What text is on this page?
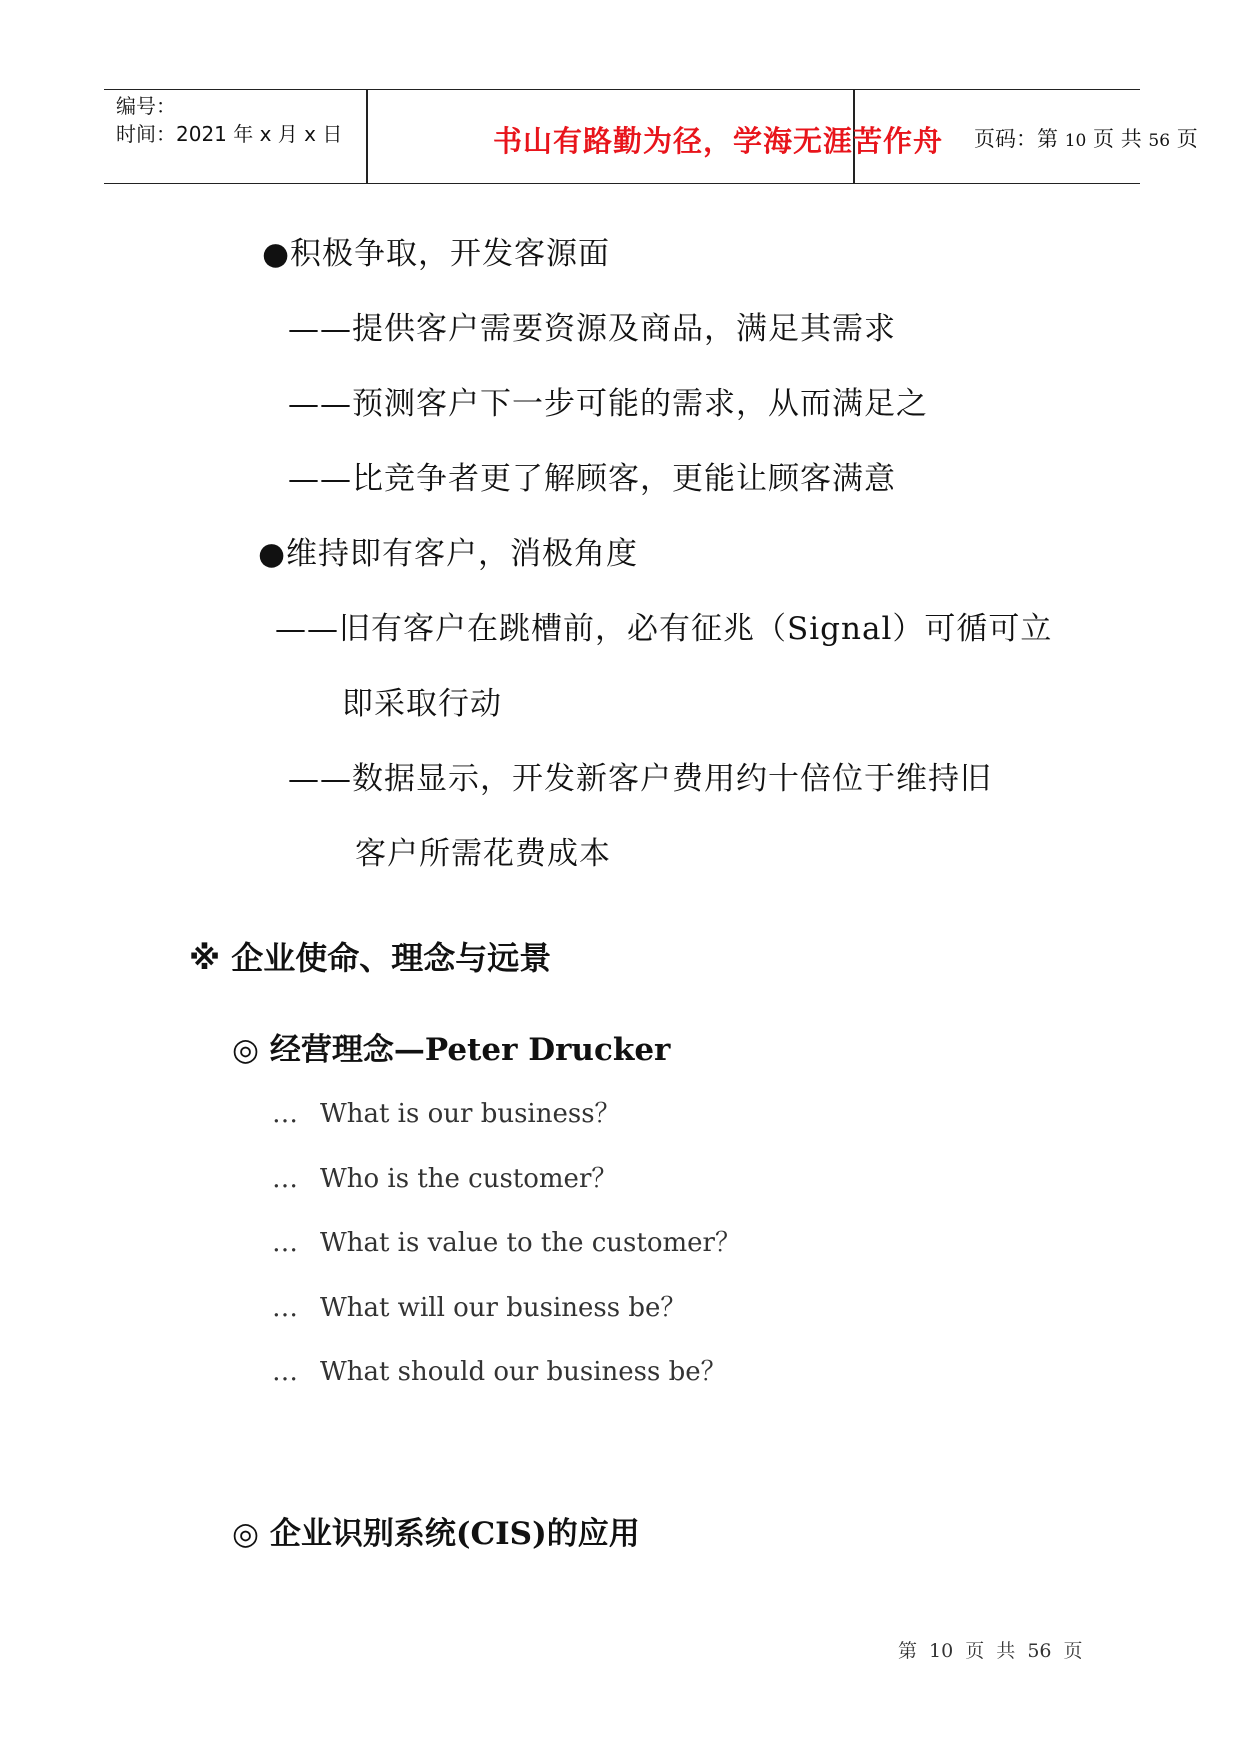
编号：
时间：2021 年 x 月 x 日	书山有路勤为径，学海无涯苦作舟	页码：第 10 页 共 56 页
●积极争取，开发客源面
——提供客户需要资源及商品，满足其需求
——预测客户下一步可能的需求，从而满足之
——比竞争者更了解顾客，更能让顾客满意
●维持即有客户，消极角度
——旧有客户在跳槽前，必有征兆（Signal）可循可立
即采取行动
——数据显示，开发新客户费用约十倍位于维持旧
客户所需花费成本
※ 企业使命、理念与远景
◎ 经营理念—Peter Drucker
… What is our business？
… Who is the customer？
… What is value to the customer？
… What will our business be？
… What should our business be？
◎ 企业识别系统(CIS)的应用
第 10 页 共 56 页
